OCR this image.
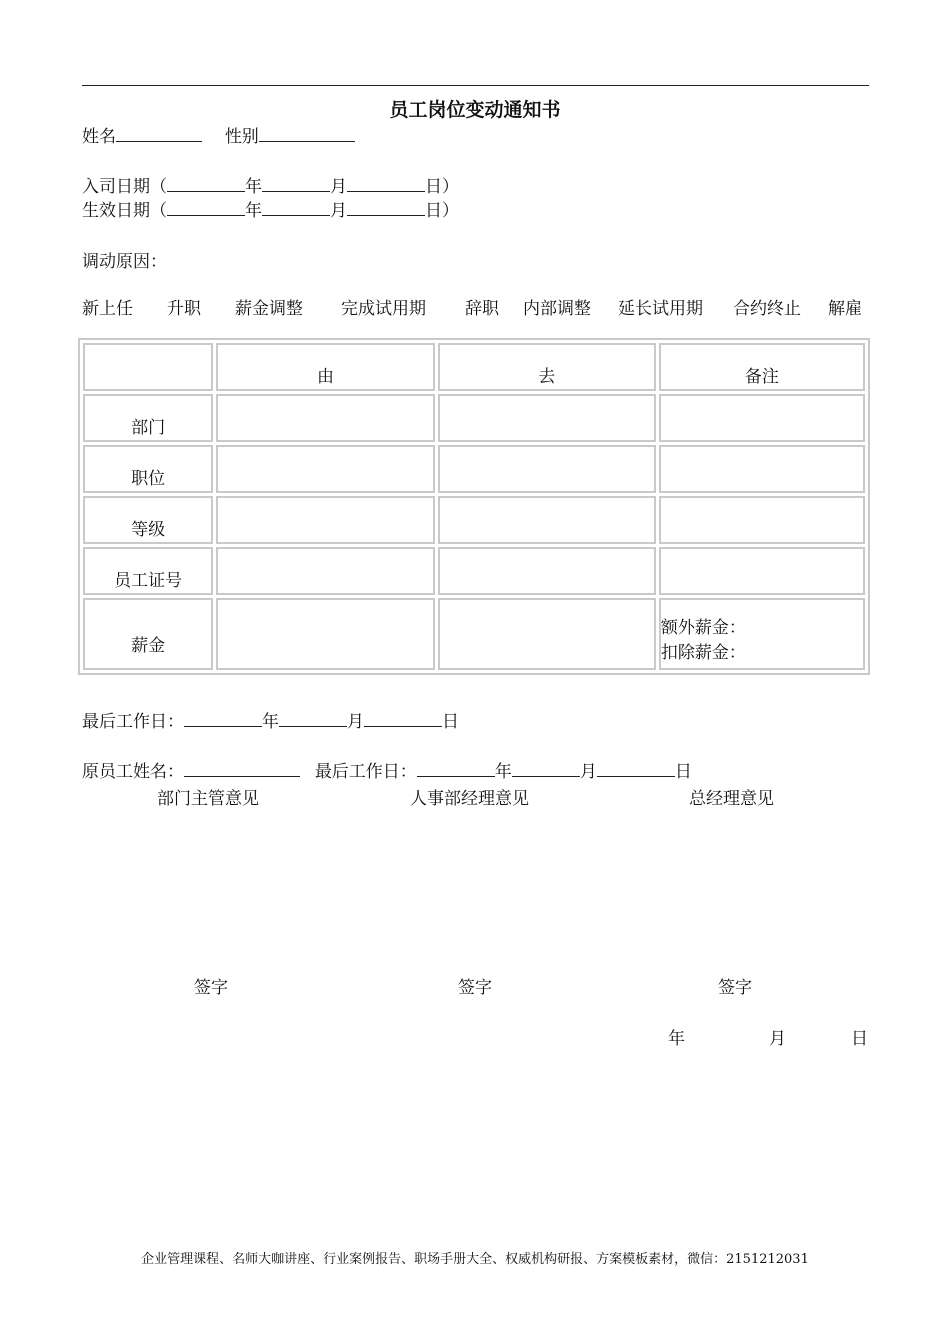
员工岗位变动通知书
姓名	性别
入司日期（	年	月	日）
生效日期（	年	月	日）
调动原因：
新上任 升职 薪金调整 完成试用期 辞职 内部调整 延长试用期 合约终止 解雇
	由	去	备注
部门			
职位			
等级			
员工证号			
薪金			额外薪金：
扣除薪金：
最后工作日：	年	月	日
原员工姓名：	最后工作日：	年	月	日
部门主管意见	人事部经理意见	总经理意见
签字	签字	签字
年	月	日
企业管理课程、名师大咖讲座、行业案例报告、职场手册大全、权威机构研报、方案模板素材，微信：2151212031
